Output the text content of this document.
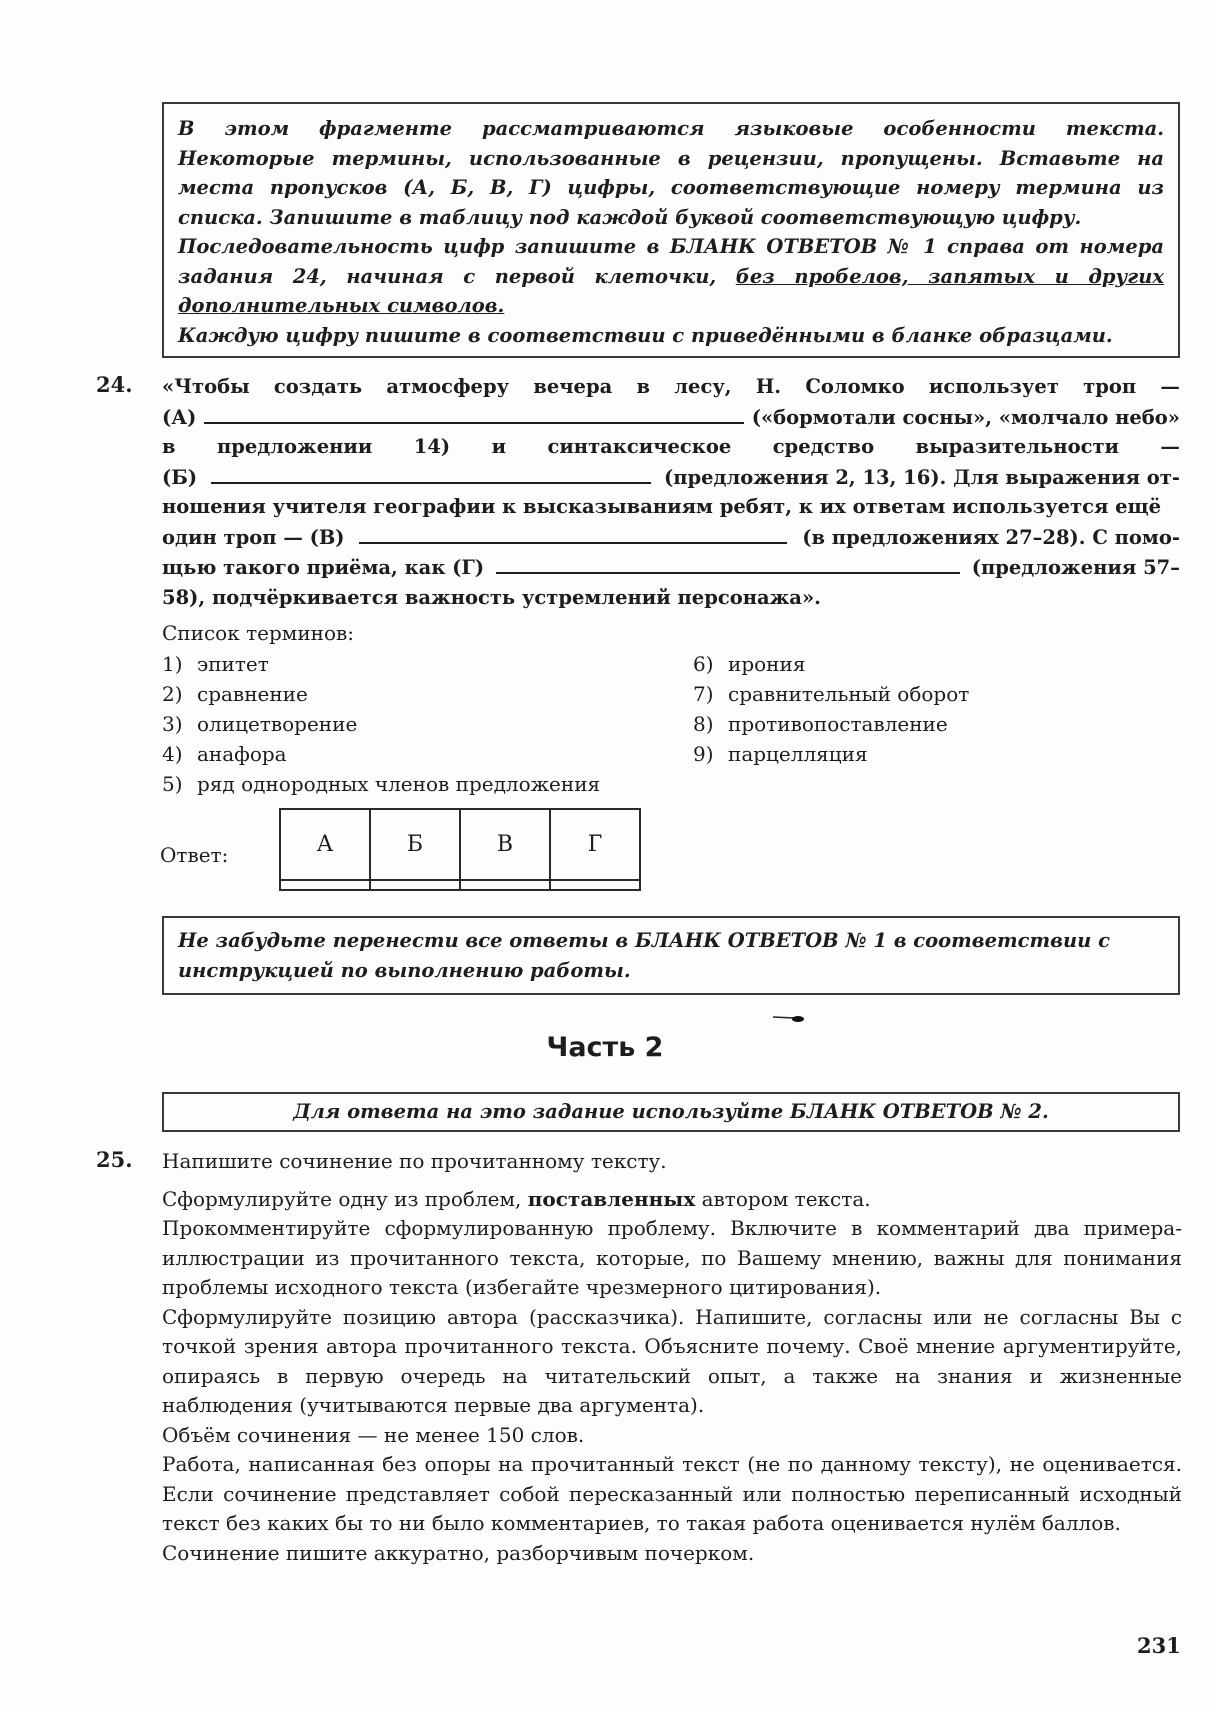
В этом фрагменте рассматриваются языковые особенности текста. Некоторые термины, использованные в рецензии, пропущены. Вставьте на места пропусков (А, Б, В, Г) цифры, соответствующие номеру термина из списка. Запишите в таблицу под каждой буквой соответствующую цифру.

Последовательность цифр запишите в БЛАНК ОТВЕТОВ № 1 справа от номера задания 24, начиная с первой клеточки, без пробелов, запятых и других дополнительных символов.

Каждую цифру пишите в соответствии с приведёнными в бланке образцами.

24. «Чтобы создать атмосферу вечера в лесу, Н. Соломко использует троп —
(А)	(«бормотали сосны», «молчало небо»
в предложении 14) и синтаксическое средство выразительности —
(Б)	(предложения 2, 13, 16). Для выражения от-
ношения учителя географии к высказываниям ребят, к их ответам используется ещё
один троп — (В)	(в предложениях 27–28). С помо-
щью такого приёма, как (Г)	(предложения 57–
58), подчёркивается важность устремлений персонажа».
Список терминов:
1) эпитет
2) сравнение
3) олицетворение
4) анафора
5) ряд однородных членов предложения
6) ирония
7) сравнительный оборот
8) противопоставление
9) парцелляция
Ответ:	А	Б	В	Г

Не забудьте перенести все ответы в БЛАНК ОТВЕТОВ № 1 в соответствии с инструкцией по выполнению работы.

Часть 2
Для ответа на это задание используйте БЛАНК ОТВЕТОВ № 2.
25. Напишите сочинение по прочитанному тексту.

Сформулируйте одну из проблем, поставленных автором текста.

Прокомментируйте сформулированную проблему. Включите в комментарий два примера-иллюстрации из прочитанного текста, которые, по Вашему мнению, важны для понимания проблемы исходного текста (избегайте чрезмерного цитирования).

Сформулируйте позицию автора (рассказчика). Напишите, согласны или не согласны Вы с точкой зрения автора прочитанного текста. Объясните почему. Своё мнение аргументируйте, опираясь в первую очередь на читательский опыт, а также на знания и жизненные наблюдения (учитываются первые два аргумента).

Объём сочинения — не менее 150 слов.

Работа, написанная без опоры на прочитанный текст (не по данному тексту), не оценивается. Если сочинение представляет собой пересказанный или полностью переписанный исходный текст без каких бы то ни было комментариев, то такая работа оценивается нулём баллов.

Сочинение пишите аккуратно, разборчивым почерком.

231
